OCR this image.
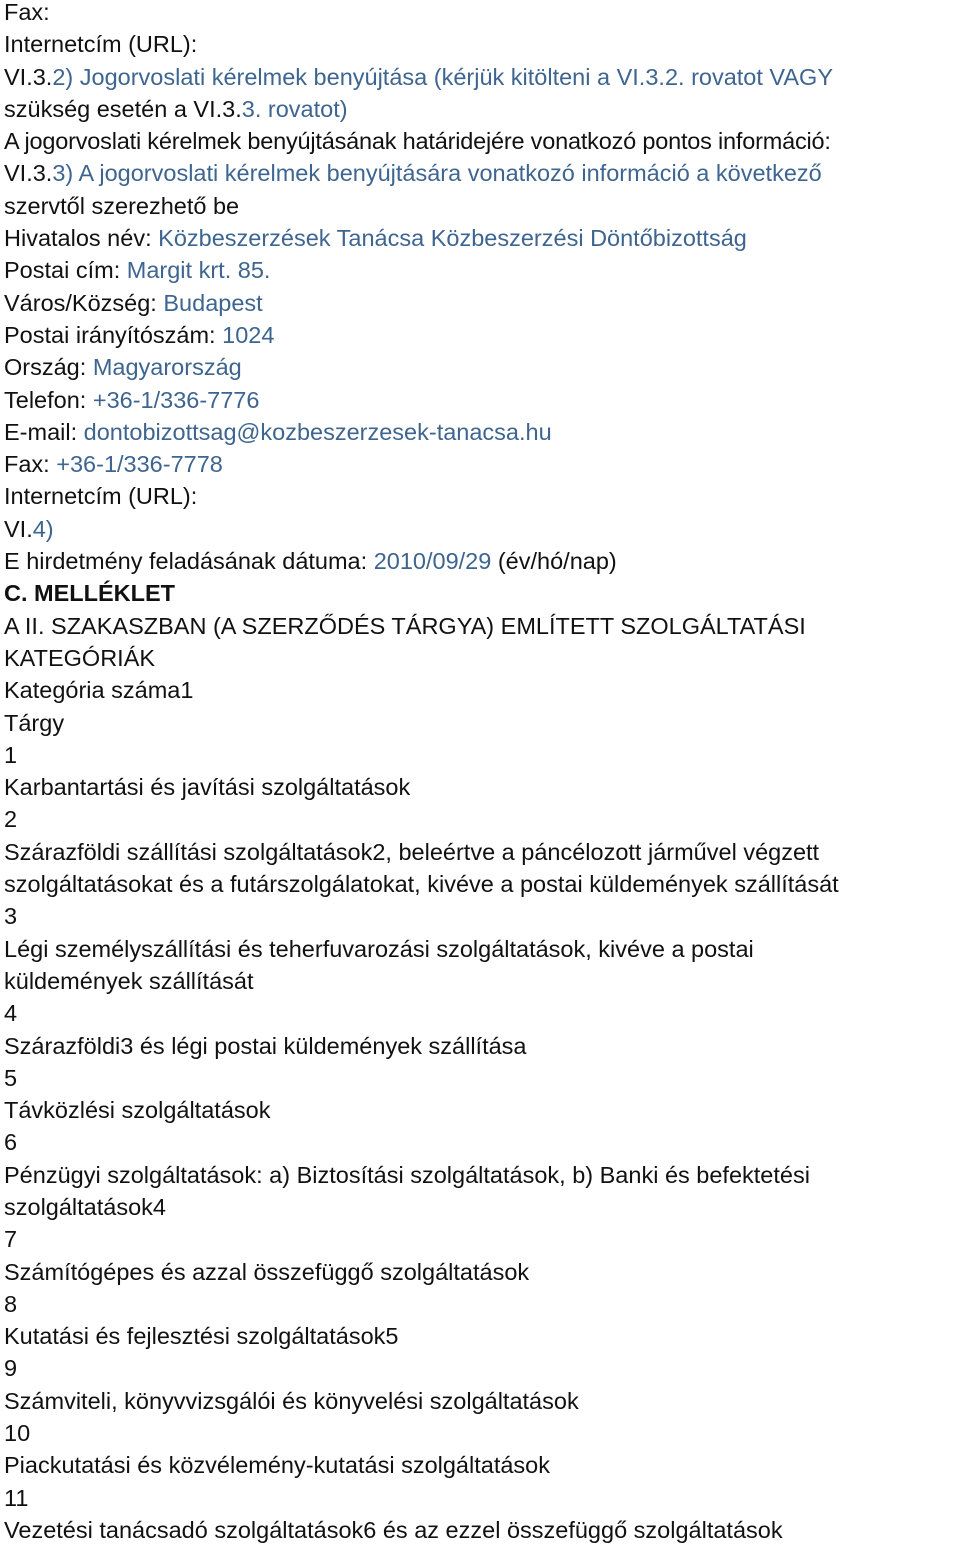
Fax:
Internetcím (URL):
VI.3.2) Jogorvoslati kérelmek benyújtása (kérjük kitölteni a VI.3.2. rovatot VAGY
szükség esetén a VI.3.3. rovatot)
A jogorvoslati kérelmek benyújtásának határidejére vonatkozó pontos információ:
VI.3.3) A jogorvoslati kérelmek benyújtására vonatkozó információ a következő
szervtől szerezhető be
Hivatalos név: Közbeszerzések Tanácsa Közbeszerzési Döntőbizottság
Postai cím: Margit krt. 85.
Város/Község: Budapest
Postai irányítószám: 1024
Ország: Magyarország
Telefon: +36-1/336-7776
E-mail: dontobizottsag@kozbeszerzesek-tanacsa.hu
Fax: +36-1/336-7778
Internetcím (URL):
VI.4)
E hirdetmény feladásának dátuma: 2010/09/29 (év/hó/nap)
C. MELLÉKLET
A II. SZAKASZBAN (A SZERZŐDÉS TÁRGYA) EMLÍTETT SZOLGÁLTATÁSI
KATEGÓRIÁK
Kategória száma1
Tárgy
1
Karbantartási és javítási szolgáltatások
2
Szárazföldi szállítási szolgáltatások2, beleértve a páncélozott járművel végzett
szolgáltatásokat és a futárszolgálatokat, kivéve a postai küldemények szállítását
3
Légi személyszállítási és teherfuvarozási szolgáltatások, kivéve a postai
küldemények szállítását
4
Szárazföldi3 és légi postai küldemények szállítása
5
Távközlési szolgáltatások
6
Pénzügyi szolgáltatások: a) Biztosítási szolgáltatások, b) Banki és befektetési
szolgáltatások4
7
Számítógépes és azzal összefüggő szolgáltatások
8
Kutatási és fejlesztési szolgáltatások5
9
Számviteli, könyvvizsgálói és könyvelési szolgáltatások
10
Piackutatási és közvélemény-kutatási szolgáltatások
11
Vezetési tanácsadó szolgáltatások6 és az ezzel összefüggő szolgáltatások
